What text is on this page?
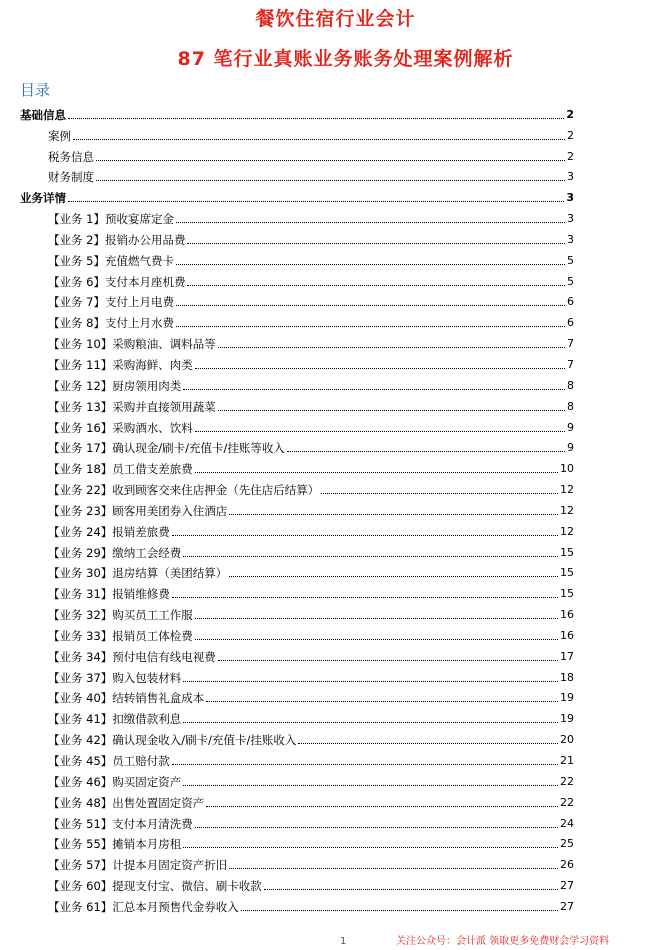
餐饮住宿行业会计
87 笔行业真账业务账务处理案例解析
目录
基础信息	2
案例	2
税务信息	2
财务制度	3
业务详情	3
【业务 1】预收宴席定金	3
【业务 2】报销办公用品费	3
【业务 5】充值燃气费卡	5
【业务 6】支付本月座机费	5
【业务 7】支付上月电费	6
【业务 8】支付上月水费	6
【业务 10】采购粮油、调料品等	7
【业务 11】采购海鲜、肉类	7
【业务 12】厨房领用肉类	8
【业务 13】采购并直接领用蔬菜	8
【业务 16】采购酒水、饮料	9
【业务 17】确认现金/刷卡/充值卡/挂账等收入	9
【业务 18】员工借支差旅费	10
【业务 22】收到顾客交来住店押金（先住店后结算）	12
【业务 23】顾客用美团券入住酒店	12
【业务 24】报销差旅费	12
【业务 29】缴纳工会经费	15
【业务 30】退房结算（美团结算）	15
【业务 31】报销维修费	15
【业务 32】购买员工工作服	16
【业务 33】报销员工体检费	16
【业务 34】预付电信有线电视费	17
【业务 37】购入包装材料	18
【业务 40】结转销售礼盒成本	19
【业务 41】扣缴借款利息	19
【业务 42】确认现金收入/刷卡/充值卡/挂账收入	20
【业务 45】员工赔付款	21
【业务 46】购买固定资产	22
【业务 48】出售处置固定资产	22
【业务 51】支付本月清洗费	24
【业务 55】摊销本月房租	25
【业务 57】计提本月固定资产折旧	26
【业务 60】提现支付宝、微信、刷卡收款	27
【业务 61】汇总本月预售代金券收入	27
1	关注公众号：会计派 领取更多免费财会学习资料
